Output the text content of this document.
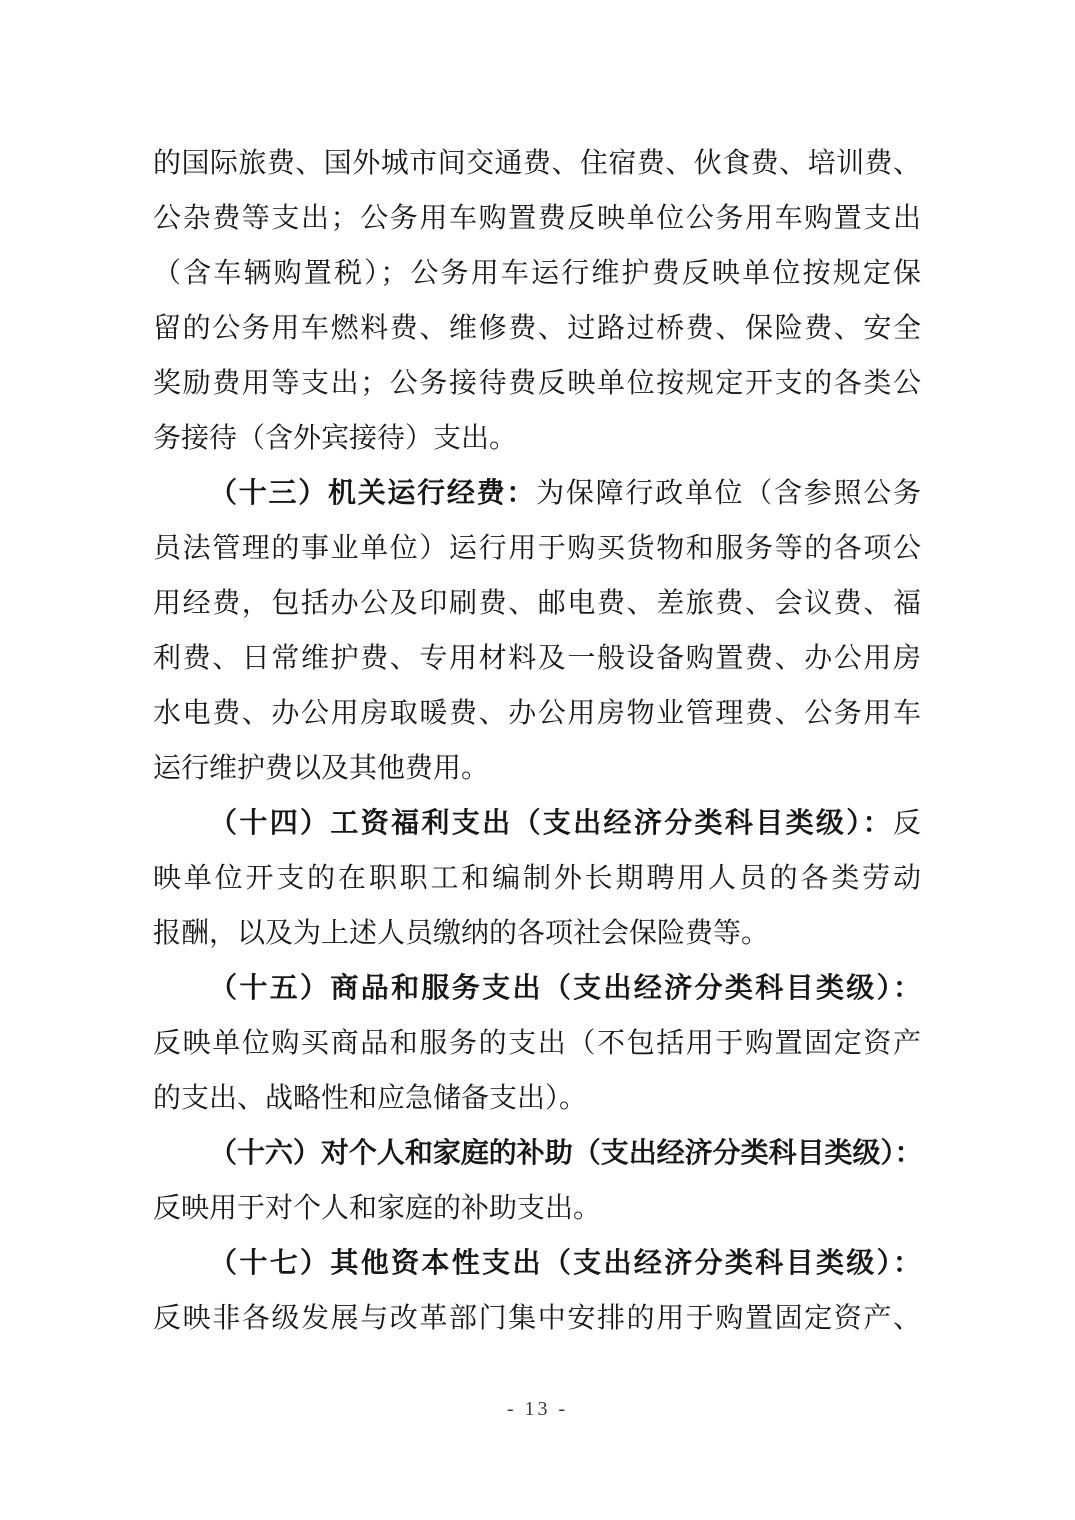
的国际旅费、国外城市间交通费、住宿费、伙食费、培训费、
公杂费等支出；公务用车购置费反映单位公务用车购置支出
（含车辆购置税）；公务用车运行维护费反映单位按规定保
留的公务用车燃料费、维修费、过路过桥费、保险费、安全
奖励费用等支出；公务接待费反映单位按规定开支的各类公
务接待（含外宾接待）支出。
（十三）机关运行经费：为保障行政单位（含参照公务
员法管理的事业单位）运行用于购买货物和服务等的各项公
用经费，包括办公及印刷费、邮电费、差旅费、会议费、福
利费、日常维护费、专用材料及一般设备购置费、办公用房
水电费、办公用房取暖费、办公用房物业管理费、公务用车
运行维护费以及其他费用。
（十四）工资福利支出（支出经济分类科目类级）：反
映单位开支的在职职工和编制外长期聘用人员的各类劳动
报酬，以及为上述人员缴纳的各项社会保险费等。
（十五）商品和服务支出（支出经济分类科目类级）：
反映单位购买商品和服务的支出（不包括用于购置固定资产
的支出、战略性和应急储备支出）。
（十六）对个人和家庭的补助（支出经济分类科目类级）：
反映用于对个人和家庭的补助支出。
（十七）其他资本性支出（支出经济分类科目类级）：
反映非各级发展与改革部门集中安排的用于购置固定资产、
- 13 -
